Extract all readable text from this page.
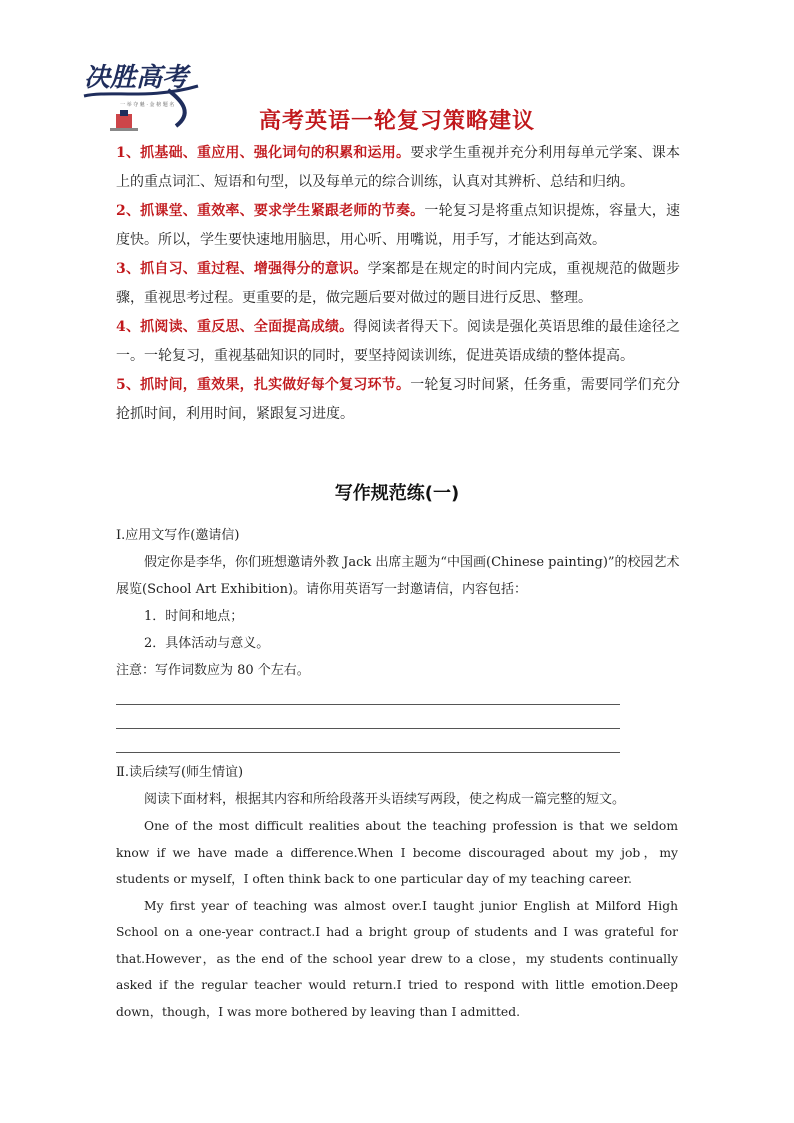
决胜高考
一 举 夺 魁 · 金 榜 题 名
高考英语一轮复习策略建议
1、抓基础、重应用、强化词句的积累和运用。要求学生重视并充分利用每单元学案、课本上的重点词汇、短语和句型，以及每单元的综合训练，认真对其辨析、总结和归纳。
2、抓课堂、重效率、要求学生紧跟老师的节奏。一轮复习是将重点知识提炼，容量大，速度快。所以，学生要快速地用脑思，用心听、用嘴说，用手写，才能达到高效。
3、抓自习、重过程、增强得分的意识。学案都是在规定的时间内完成，重视规范的做题步骤，重视思考过程。更重要的是，做完题后要对做过的题目进行反思、整理。
4、抓阅读、重反思、全面提高成绩。得阅读者得天下。阅读是强化英语思维的最佳途径之一。一轮复习，重视基础知识的同时，要坚持阅读训练，促进英语成绩的整体提高。
5、抓时间，重效果，扎实做好每个复习环节。一轮复习时间紧，任务重，需要同学们充分抢抓时间，利用时间，紧跟复习进度。
写作规范练(一)
Ⅰ.应用文写作(邀请信)
假定你是李华，你们班想邀请外教 Jack 出席主题为“中国画(Chinese painting)”的校园艺术展览(School Art Exhibition)。请你用英语写一封邀请信，内容包括：
1．时间和地点；
2．具体活动与意义。
注意：写作词数应为 80 个左右。
Ⅱ.读后续写(师生情谊)
阅读下面材料，根据其内容和所给段落开头语续写两段，使之构成一篇完整的短文。

One of the most difficult realities about the teaching profession is that we seldom know if we have made a difference.When I become discouraged about my job，my students or myself，I often think back to one particular day of my teaching career.

My first year of teaching was almost over.I taught junior English at Milford High School on a one-year contract.I had a bright group of students and I was grateful for that.However，as the end of the school year drew to a close，my students continually asked if the regular teacher would return.I tried to respond with little emotion.Deep down，though，I was more bothered by leaving than I admitted.
